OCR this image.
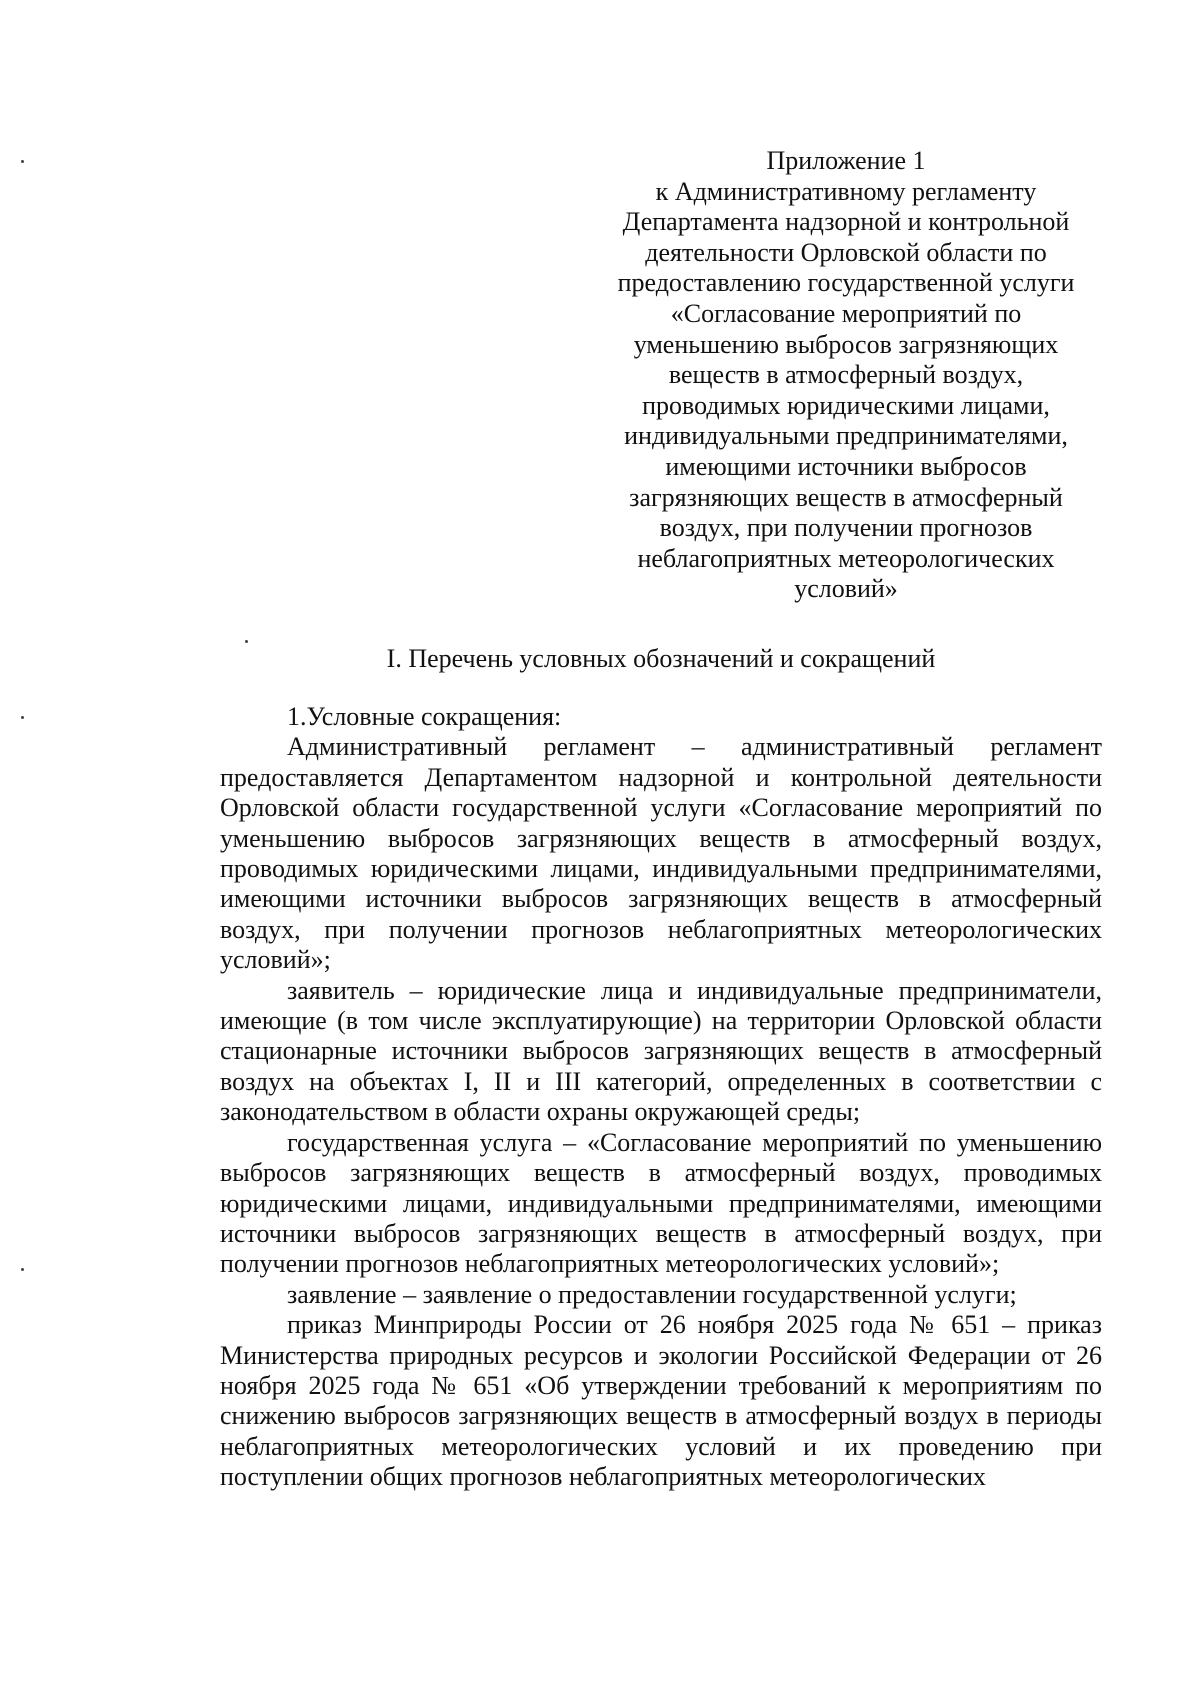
Приложение 1
к Административному регламенту
Департамента надзорной и контрольной
деятельности Орловской области по
предоставлению государственной услуги
«Согласование мероприятий по
уменьшению выбросов загрязняющих
веществ в атмосферный воздух,
проводимых юридическими лицами,
индивидуальными предпринимателями,
имеющими источники выбросов
загрязняющих веществ в атмосферный
воздух, при получении прогнозов
неблагоприятных метеорологических
условий»
I. Перечень условных обозначений и сокращений

1.Условные сокращения:

Административный регламент – административный регламент предоставляется Департаментом надзорной и контрольной деятельности Орловской области государственной услуги «Согласование мероприятий по уменьшению выбросов загрязняющих веществ в атмосферный воздух, проводимых юридическими лицами, индивидуальными предпринимателями, имеющими источники выбросов загрязняющих веществ в атмосферный воздух, при получении прогнозов неблагоприятных метеорологических условий»;

заявитель – юридические лица и индивидуальные предприниматели, имеющие (в том числе эксплуатирующие) на территории Орловской области стационарные источники выбросов загрязняющих веществ в атмосферный воздух на объектах I, II и III категорий, определенных в соответствии с законодательством в области охраны окружающей среды;

государственная услуга – «Согласование мероприятий по уменьшению выбросов загрязняющих веществ в атмосферный воздух, проводимых юридическими лицами, индивидуальными предпринимателями, имеющими источники выбросов загрязняющих веществ в атмосферный воздух, при получении прогнозов неблагоприятных метеорологических условий»;

заявление – заявление о предоставлении государственной услуги;

приказ Минприроды России от 26 ноября 2025 года № 651 – приказ Министерства природных ресурсов и экологии Российской Федерации от 26 ноября 2025 года № 651 «Об утверждении требований к мероприятиям по снижению выбросов загрязняющих веществ в атмосферный воздух в периоды неблагоприятных метеорологических условий и их проведению при поступлении общих прогнозов неблагоприятных метеорологических
